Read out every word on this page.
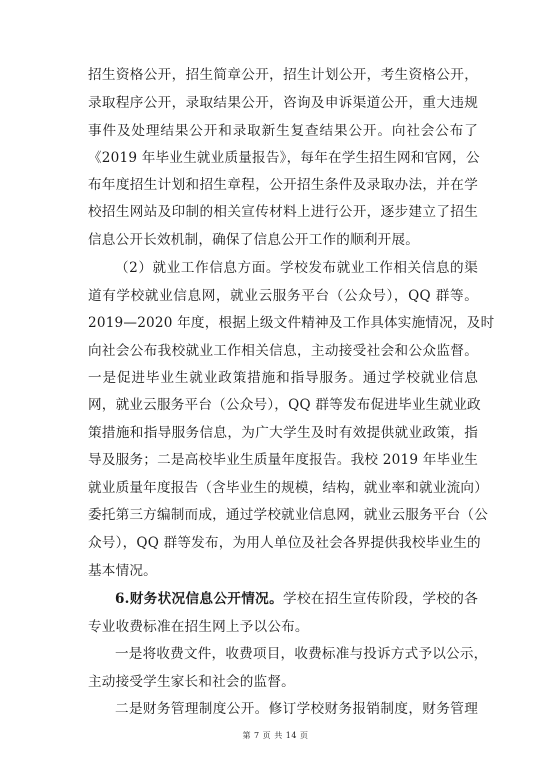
招生资格公开，招生简章公开，招生计划公开，考生资格公开，
录取程序公开，录取结果公开，咨询及申诉渠道公开，重大违规
事件及处理结果公开和录取新生复查结果公开。向社会公布了
《2019 年毕业生就业质量报告》，每年在学生招生网和官网，公
布年度招生计划和招生章程，公开招生条件及录取办法，并在学
校招生网站及印制的相关宣传材料上进行公开，逐步建立了招生
信息公开长效机制，确保了信息公开工作的顺利开展。
（2）就业工作信息方面。学校发布就业工作相关信息的渠
道有学校就业信息网，就业云服务平台（公众号），QQ 群等。
2019—2020 年度，根据上级文件精神及工作具体实施情况，及时
向社会公布我校就业工作相关信息，主动接受社会和公众监督。
一是促进毕业生就业政策措施和指导服务。通过学校就业信息
网，就业云服务平台（公众号），QQ 群等发布促进毕业生就业政
策措施和指导服务信息，为广大学生及时有效提供就业政策，指
导及服务；二是高校毕业生质量年度报告。我校 2019 年毕业生
就业质量年度报告（含毕业生的规模，结构，就业率和就业流向）
委托第三方编制而成，通过学校就业信息网，就业云服务平台（公
众号），QQ 群等发布，为用人单位及社会各界提供我校毕业生的
基本情况。
6.财务状况信息公开情况。学校在招生宣传阶段，学校的各
专业收费标准在招生网上予以公布。
一是将收费文件，收费项目，收费标准与投诉方式予以公示，
主动接受学生家长和社会的监督。
二是财务管理制度公开。修订学校财务报销制度，财务管理
第 7 页 共 14 页
